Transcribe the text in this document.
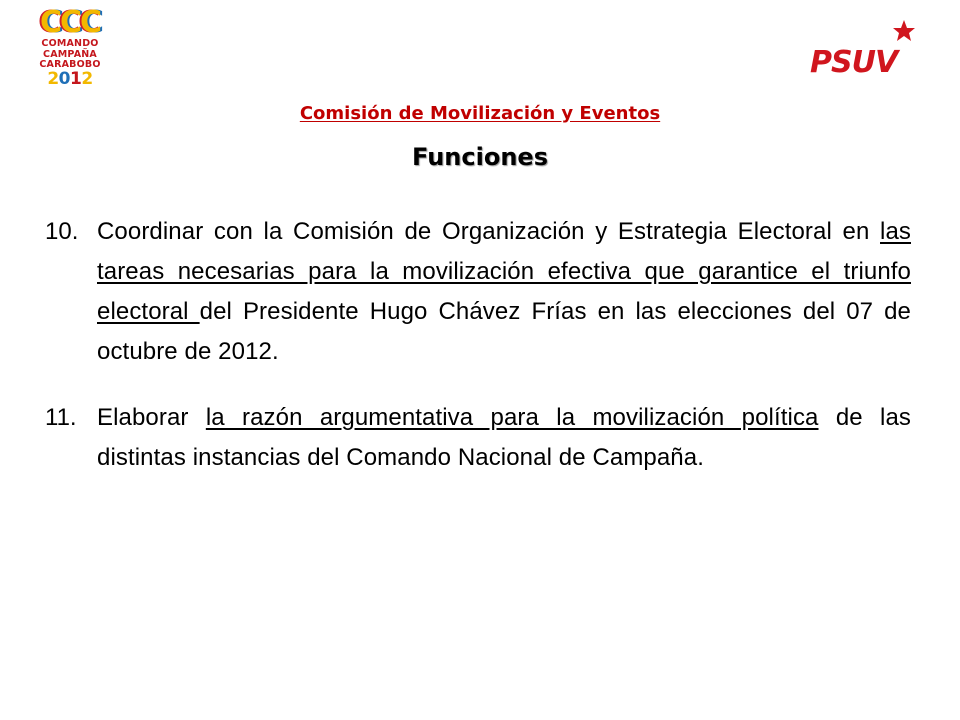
CCC
COMANDO
CAMPAÑA
CARABOBO
2012	PSUV
Comisión de Movilización y Eventos
Funciones
10. Coordinar con la Comisión de Organización y Estrategia Electoral en las tareas necesarias para la movilización efectiva que garantice el triunfo electoral del Presidente Hugo Chávez Frías en las elecciones del 07 de octubre de 2012.
11. Elaborar la razón argumentativa para la movilización política de las distintas instancias del Comando Nacional de Campaña.
